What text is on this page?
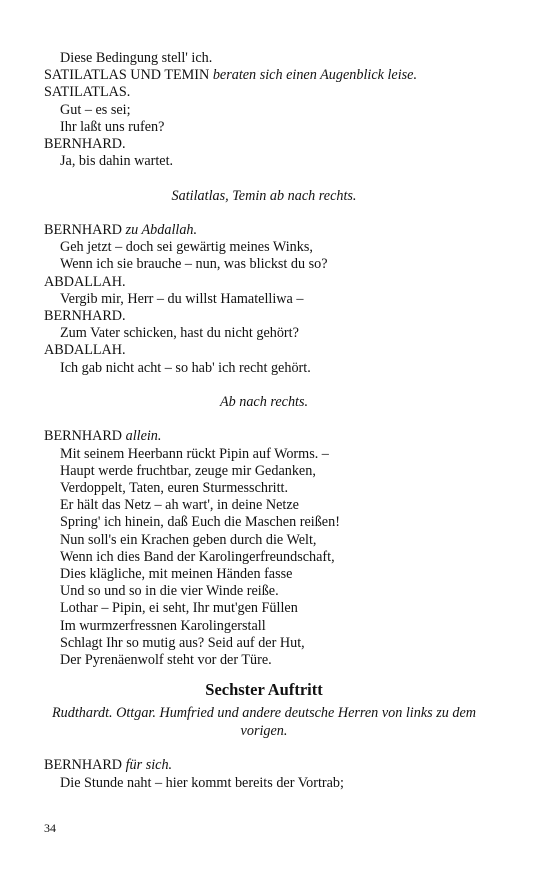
Diese Bedingung stell' ich.
SATILATLAS UND TEMIN beraten sich einen Augenblick leise.
SATILATLAS.
Gut – es sei;
Ihr laßt uns rufen?
BERNHARD.
Ja, bis dahin wartet.
Satilatlas, Temin ab nach rechts.
BERNHARD zu Abdallah.
Geh jetzt – doch sei gewärtig meines Winks,
Wenn ich sie brauche – nun, was blickst du so?
ABDALLAH.
Vergib mir, Herr – du willst Hamatelliwa –
BERNHARD.
Zum Vater schicken, hast du nicht gehört?
ABDALLAH.
Ich gab nicht acht – so hab' ich recht gehört.
Ab nach rechts.
BERNHARD allein.
Mit seinem Heerbann rückt Pipin auf Worms. –
Haupt werde fruchtbar, zeuge mir Gedanken,
Verdoppelt, Taten, euren Sturmesschritt.
Er hält das Netz – ah wart', in deine Netze
Spring' ich hinein, daß Euch die Maschen reißen!
Nun soll's ein Krachen geben durch die Welt,
Wenn ich dies Band der Karolingerfreundschaft,
Dies klägliche, mit meinen Händen fasse
Und so und so in die vier Winde reiße.
Lothar – Pipin, ei seht, Ihr mut'gen Füllen
Im wurmzerfressnen Karolingerstall
Schlagt Ihr so mutig aus? Seid auf der Hut,
Der Pyrenäenwolf steht vor der Türe.
Sechster Auftritt
Rudthardt. Ottgar. Humfried und andere deutsche Herren von links zu dem vorigen.
BERNHARD für sich.
Die Stunde naht – hier kommt bereits der Vortrab;
34
